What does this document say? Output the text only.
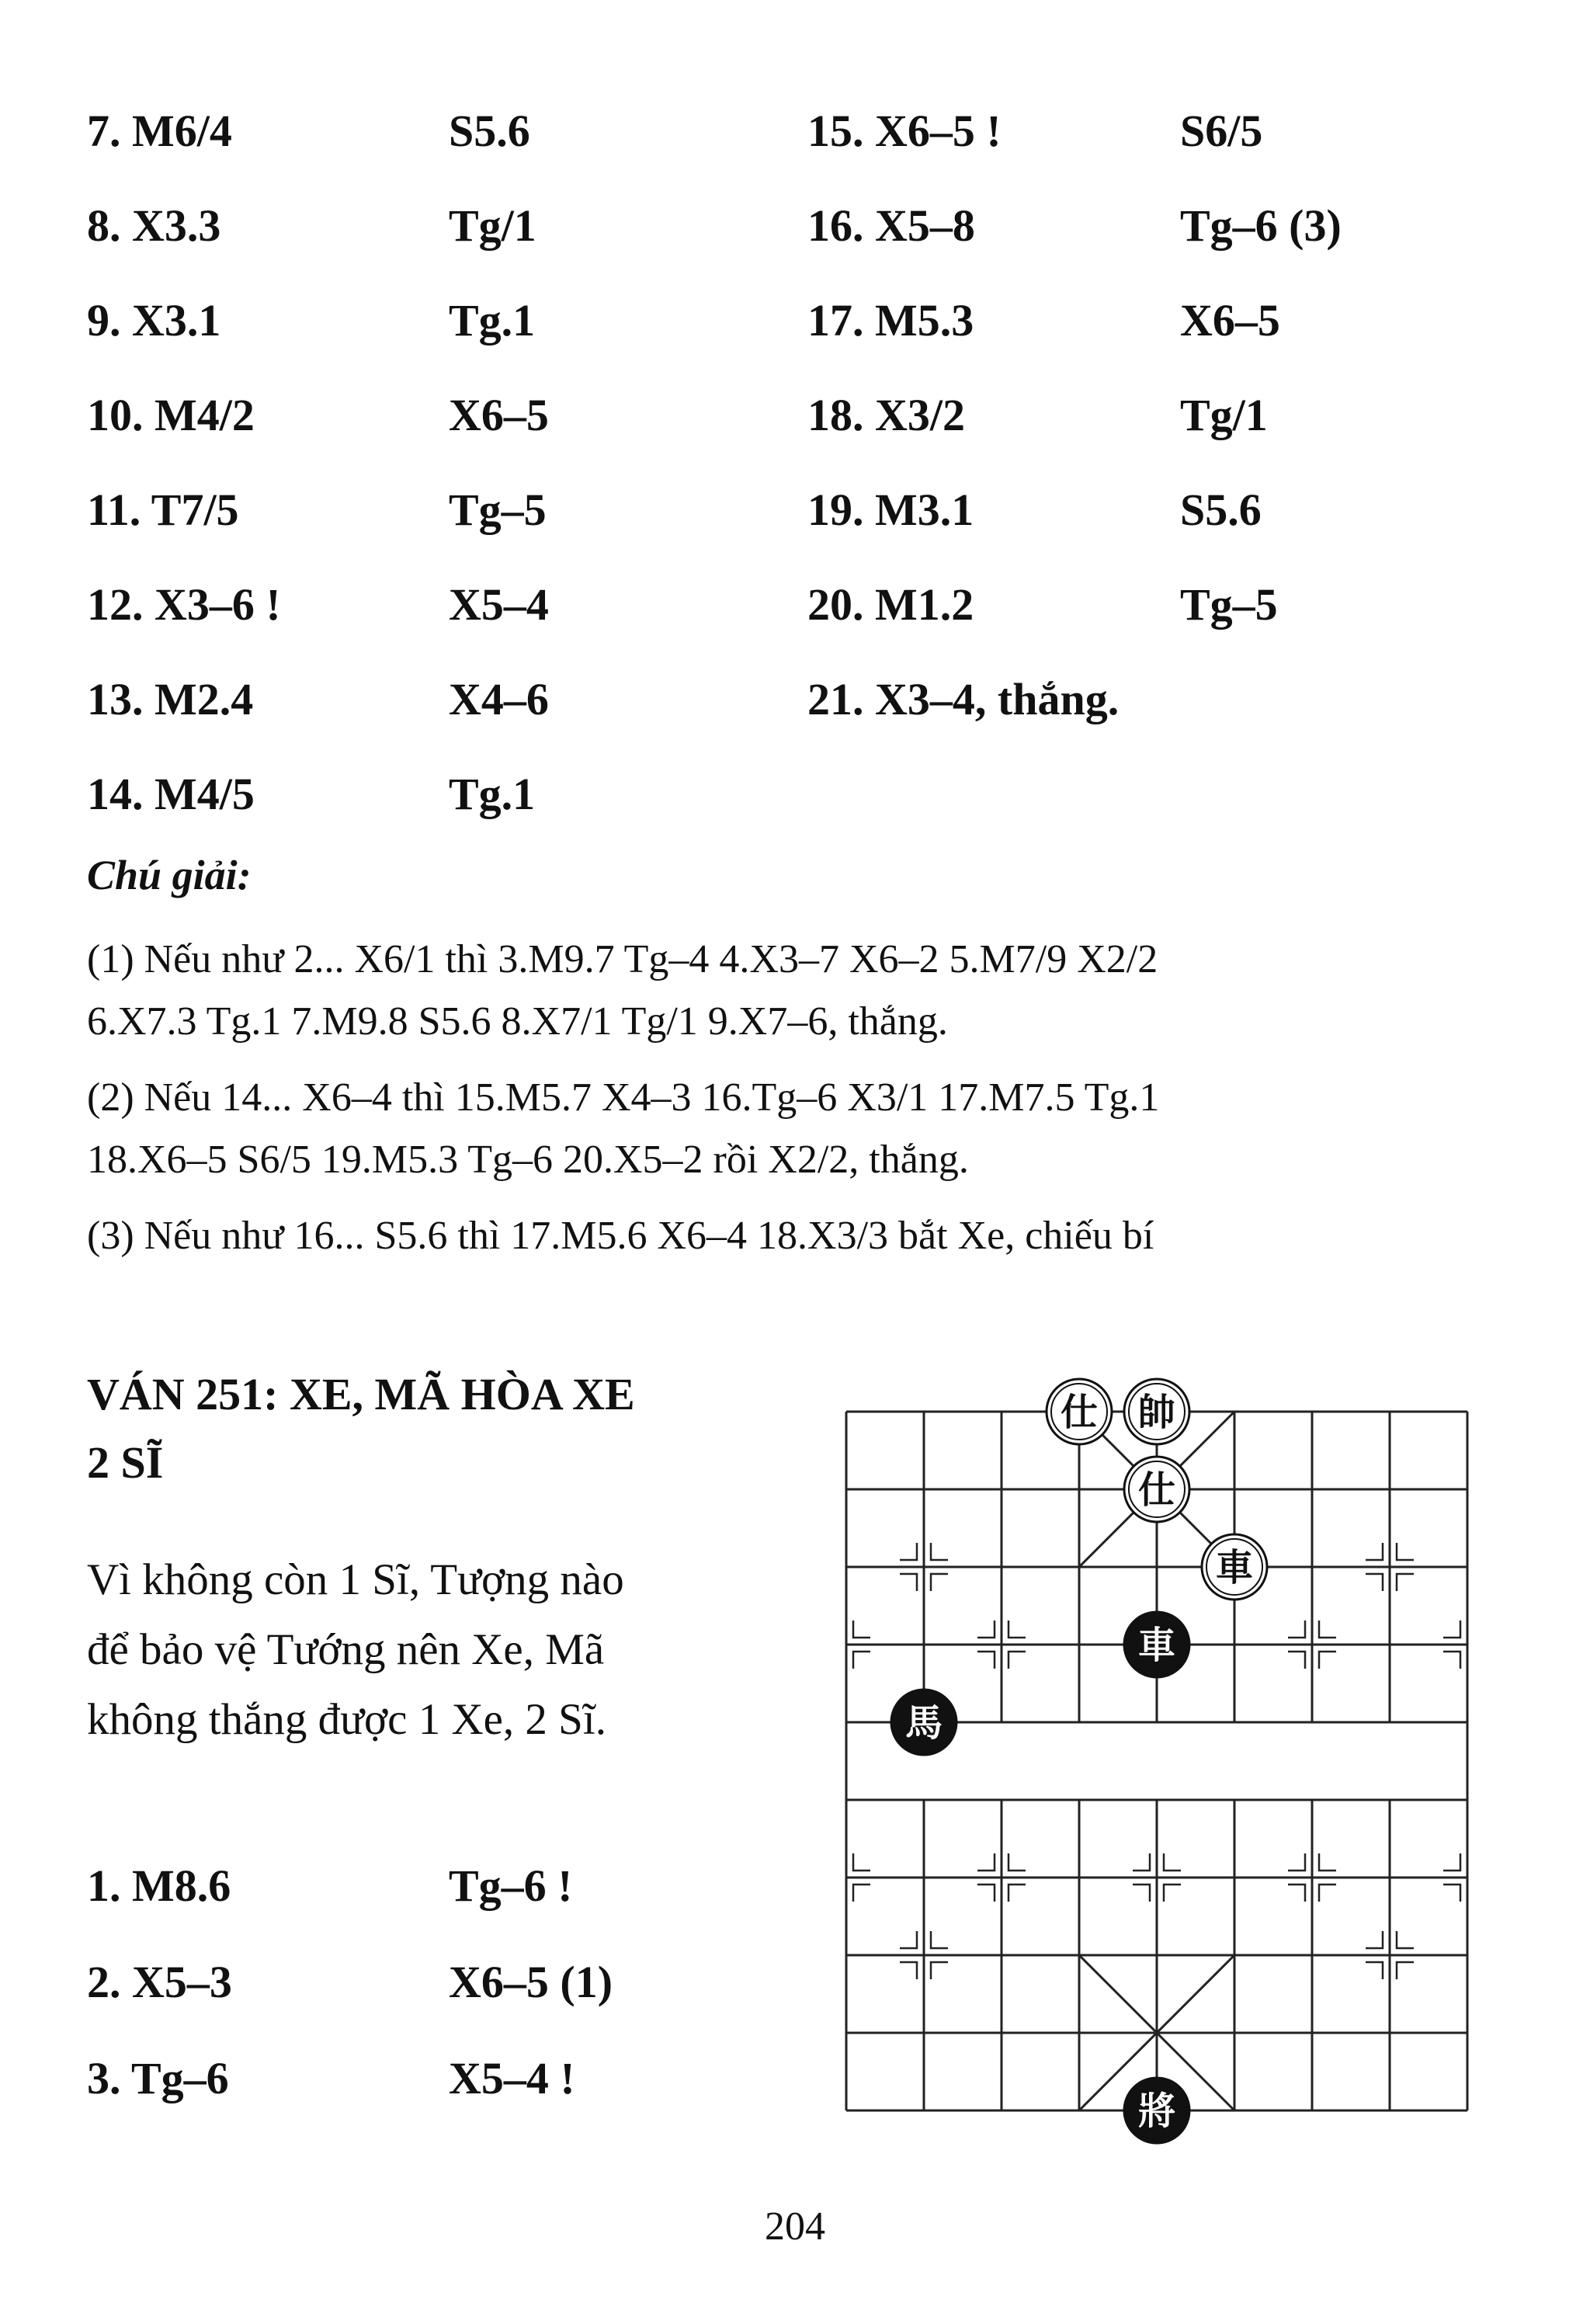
7. M6/4	S5.6	15. X6–5 !	S6/5
8. X3.3	Tg/1	16. X5–8	Tg–6 (3)
9. X3.1	Tg.1	17. M5.3	X6–5
10. M4/2	X6–5	18. X3/2	Tg/1
11. T7/5	Tg–5	19. M3.1	S5.6
12. X3–6 !	X5–4	20. M1.2	Tg–5
13. M2.4	X4–6	21. X3–4, thắng.
14. M4/5	Tg.1
Chú giải:
(1) Nếu như 2... X6/1 thì 3.M9.7 Tg–4 4.X3–7 X6–2 5.M7/9 X2/2
6.X7.3 Tg.1 7.M9.8 S5.6 8.X7/1 Tg/1 9.X7–6, thắng.
(2) Nếu 14... X6–4 thì 15.M5.7 X4–3 16.Tg–6 X3/1 17.M7.5 Tg.1
18.X6–5 S6/5 19.M5.3 Tg–6 20.X5–2 rồi X2/2, thắng.
(3) Nếu như 16... S5.6 thì 17.M5.6 X6–4 18.X3/3 bắt Xe, chiếu bí
VÁN 251: XE, MÃ HÒA XE
2 SĨ
Vì không còn 1 Sĩ, Tượng nào
để bảo vệ Tướng nên Xe, Mã
không thắng được 1 Xe, 2 Sĩ.
1. M8.6	Tg–6 !
2. X5–3	X6–5 (1)
3. Tg–6	X5–4 !
仕 帥
仕
車
車
馬
將
204
